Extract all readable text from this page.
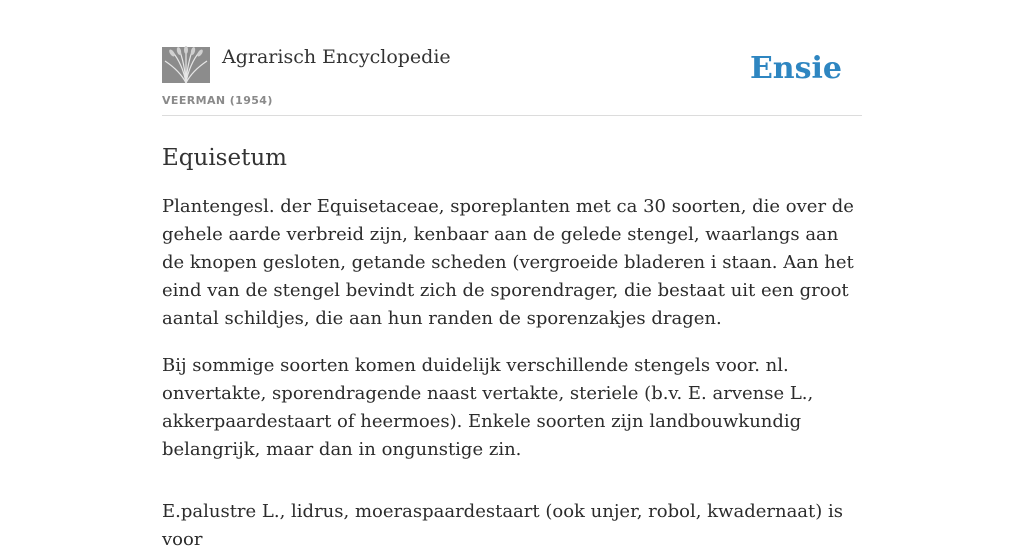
Agrarisch Encyclopedie
VEERMAN (1954)
Ensie
Equisetum

Plantengesl. der Equisetaceae, sporeplanten met ca 30 soorten, die over de gehele aarde verbreid zijn, kenbaar aan de gelede stengel, waarlangs aan de knopen gesloten, getande scheden (vergroeide bladeren i staan. Aan het eind van de stengel bevindt zich de sporendrager, die bestaat uit een groot aantal schildjes, die aan hun randen de sporenzakjes dragen.

Bij sommige soorten komen duidelijk verschillende stengels voor. nl. onvertakte, sporendragende naast vertakte, steriele (b.v. E. arvense L., akkerpaardestaart of heermoes). Enkele soorten zijn landbouwkundig belangrijk, maar dan in ongunstige zin.

E.palustre L., lidrus, moeraspaardestaart (ook unjer, robol, kwadernaat) is voor
